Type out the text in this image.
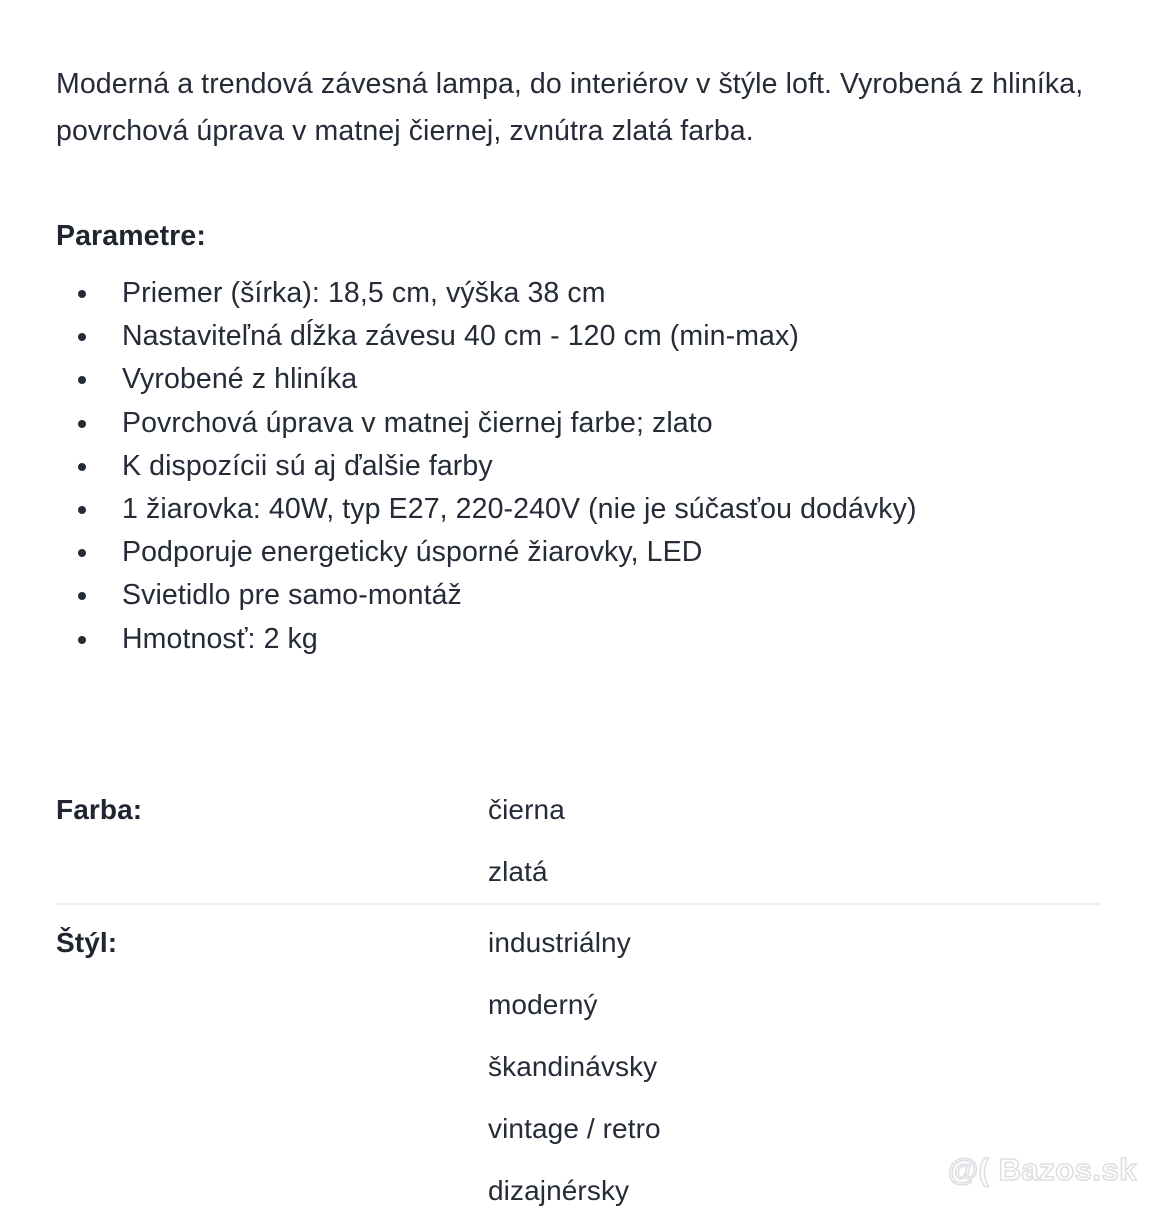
Moderná a trendová závesná lampa, do interiérov v štýle loft. Vyrobená z hliníka, povrchová úprava v matnej čiernej, zvnútra zlatá farba.

Parametre:
Priemer (šírka): 18,5 cm, výška 38 cm
Nastaviteľná dĺžka závesu 40 cm - 120 cm (min-max)
Vyrobené z hliníka
Povrchová úprava v matnej čiernej farbe; zlato
K dispozícii sú aj ďalšie farby
1 žiarovka: 40W, typ E27, 220-240V (nie je súčasťou dodávky)
Podporuje energeticky úsporné žiarovky, LED
Svietidlo pre samo-montáž
Hmotnosť: 2 kg
Farba:	čierna
zlatá
Štýl:	industriálny
moderný
škandinávsky
vintage / retro
dizajnérsky
@( Bazos.sk
